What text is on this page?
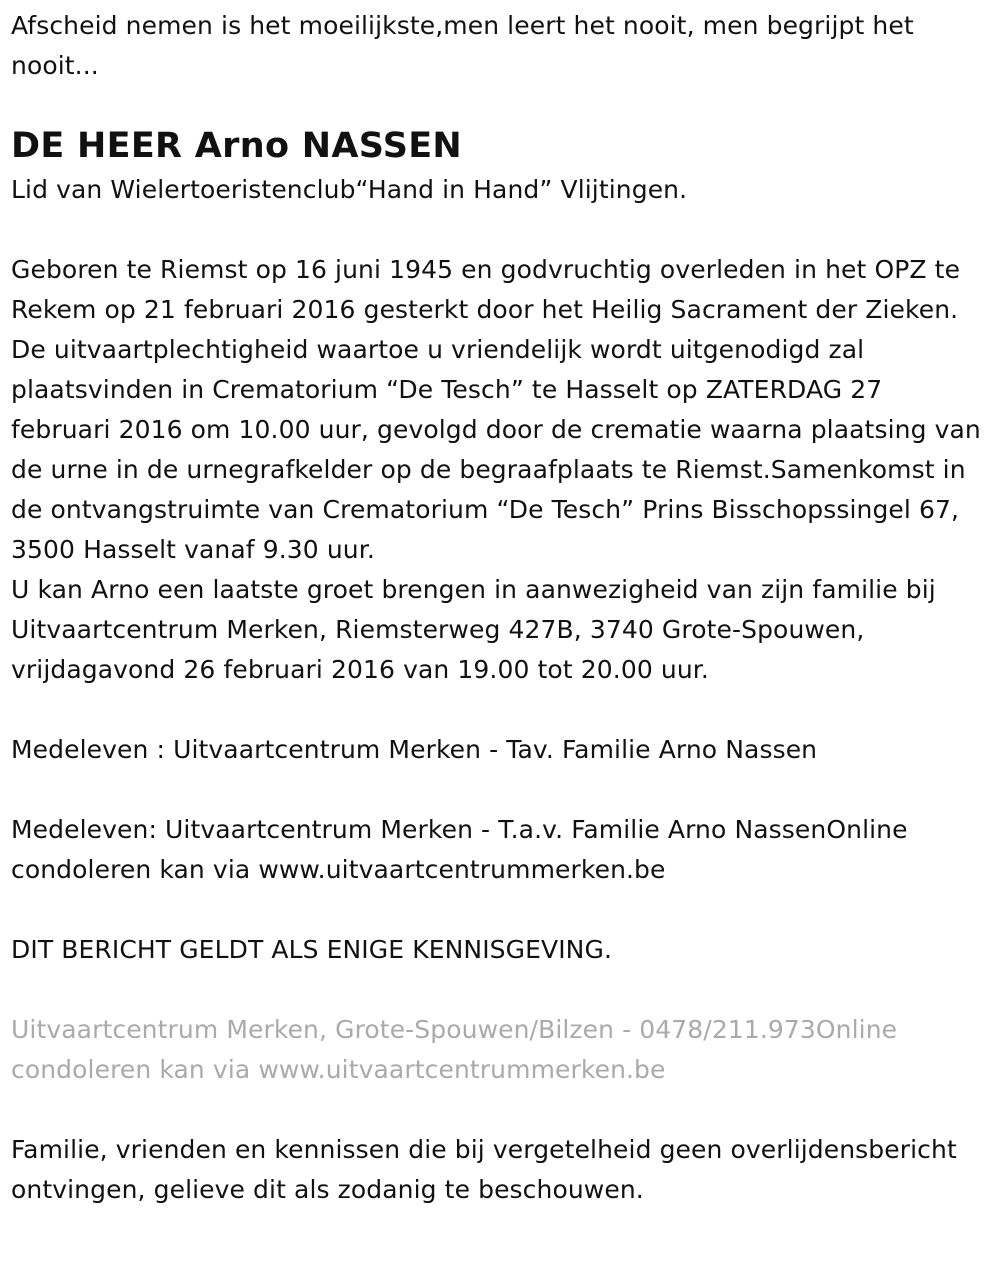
Afscheid nemen is het moeilijkste,men leert het nooit, men begrijpt het nooit...

DE HEER Arno NASSEN

Lid van Wielertoeristenclub“Hand in Hand” Vlijtingen.

Geboren te Riemst op 16 juni 1945 en godvruchtig overleden in het OPZ te Rekem op 21 februari 2016 gesterkt door het Heilig Sacrament der Zieken.

De uitvaartplechtigheid waartoe u vriendelijk wordt uitgenodigd zal plaatsvinden in Crematorium “De Tesch” te Hasselt op ZATERDAG 27 februari 2016 om 10.00 uur, gevolgd door de crematie waarna plaatsing van de urne in de urnegrafkelder op de begraafplaats te Riemst.Samenkomst in de ontvangstruimte van Crematorium “De Tesch” Prins Bisschopssingel 67, 3500 Hasselt vanaf 9.30 uur.

U kan Arno een laatste groet brengen in aanwezigheid van zijn familie bij Uitvaartcentrum Merken, Riemsterweg 427B, 3740 Grote-Spouwen, vrijdagavond 26 februari 2016 van 19.00 tot 20.00 uur.

Medeleven : Uitvaartcentrum Merken - Tav. Familie Arno Nassen

Medeleven: Uitvaartcentrum Merken - T.a.v. Familie Arno NassenOnline condoleren kan via www.uitvaartcentrummerken.be

DIT BERICHT GELDT ALS ENIGE KENNISGEVING.

Uitvaartcentrum Merken, Grote-Spouwen/Bilzen - 0478/211.973Online condoleren kan via www.uitvaartcentrummerken.be

Familie, vrienden en kennissen die bij vergetelheid geen overlijdensbericht ontvingen, gelieve dit als zodanig te beschouwen.
